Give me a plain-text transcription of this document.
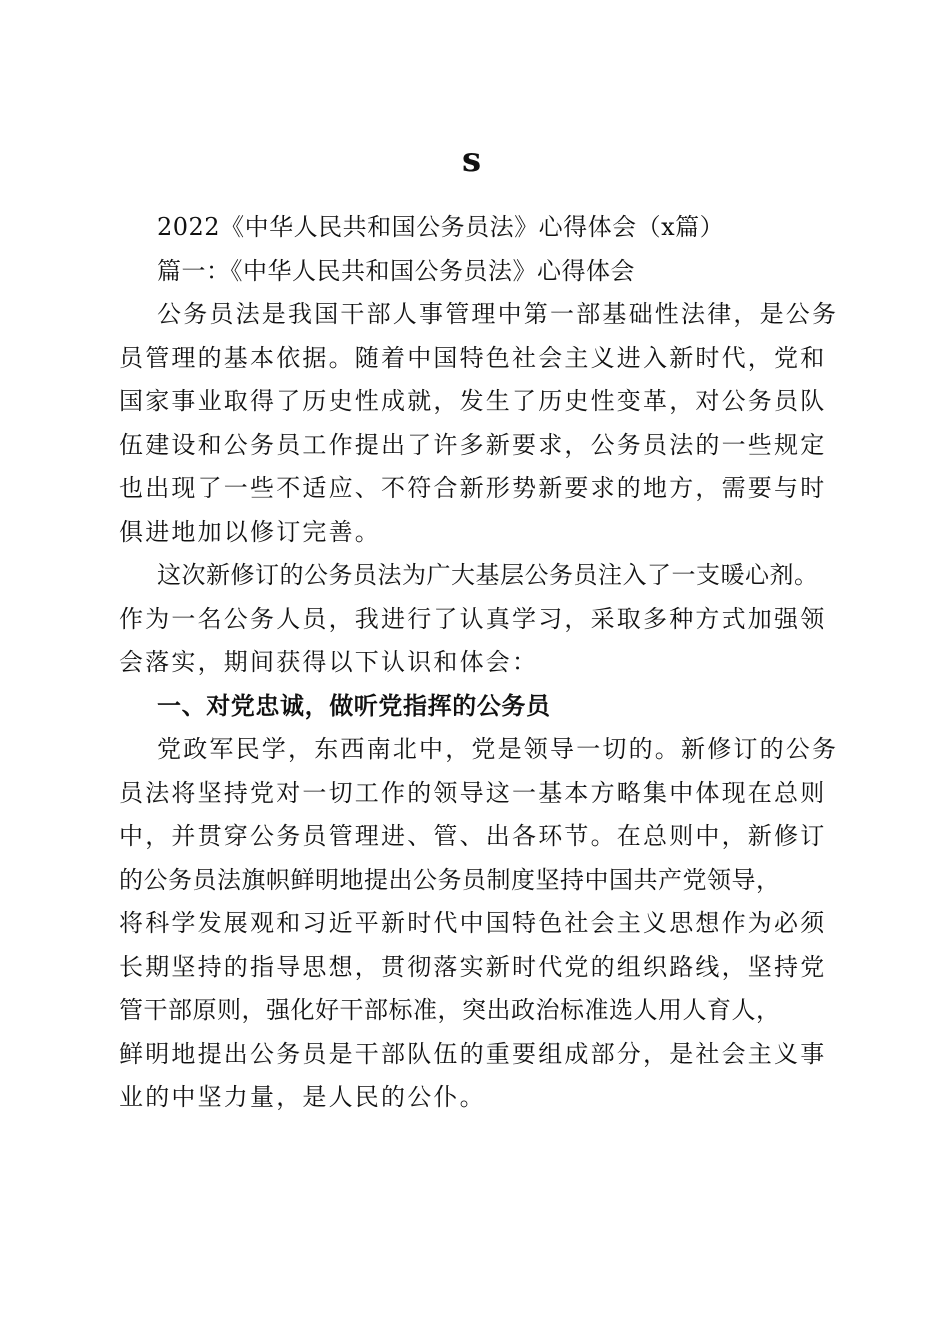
s
2022《中华人民共和国公务员法》心得体会（x篇）
篇一：《中华人民共和国公务员法》心得体会
公务员法是我国干部人事管理中第一部基础性法律，是公务
员管理的基本依据。随着中国特色社会主义进入新时代，党和
国家事业取得了历史性成就，发生了历史性变革，对公务员队
伍建设和公务员工作提出了许多新要求，公务员法的一些规定
也出现了一些不适应、不符合新形势新要求的地方，需要与时
俱进地加以修订完善。
这次新修订的公务员法为广大基层公务员注入了一支暖心剂。
作为一名公务人员，我进行了认真学习，采取多种方式加强领
会落实，期间获得以下认识和体会：
一、对党忠诚，做听党指挥的公务员
党政军民学，东西南北中，党是领导一切的。新修订的公务
员法将坚持党对一切工作的领导这一基本方略集中体现在总则
中，并贯穿公务员管理进、管、出各环节。在总则中，新修订
的公务员法旗帜鲜明地提出公务员制度坚持中国共产党领导，
将科学发展观和习近平新时代中国特色社会主义思想作为必须
长期坚持的指导思想，贯彻落实新时代党的组织路线，坚持党
管干部原则，强化好干部标准，突出政治标准选人用人育人，
鲜明地提出公务员是干部队伍的重要组成部分，是社会主义事
业的中坚力量，是人民的公仆。
